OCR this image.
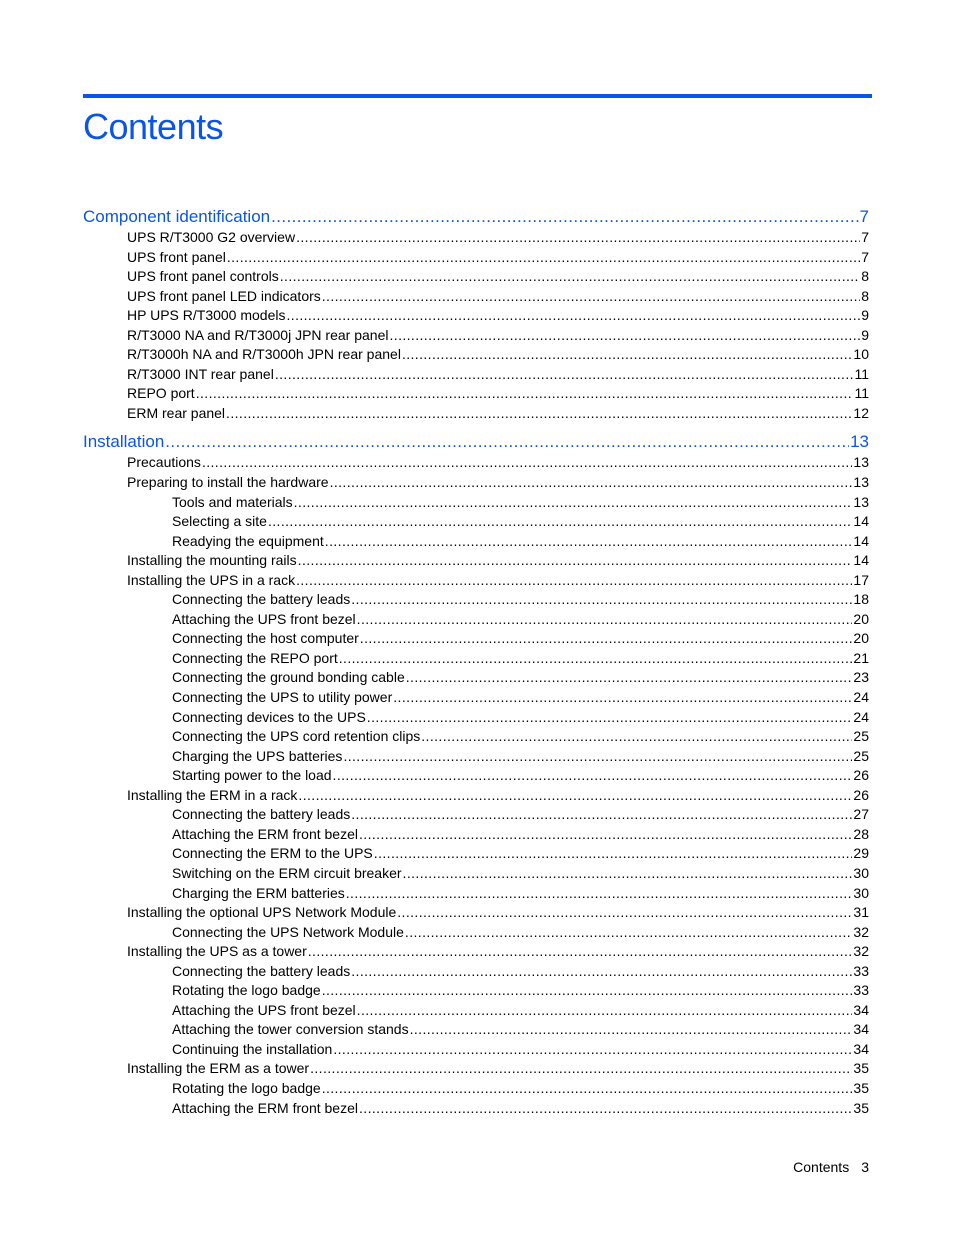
Contents
Component identification .....	7
UPS R/T3000 G2 overview .....	7
UPS front panel .....	7
UPS front panel controls .....	8
UPS front panel LED indicators .....	8
HP UPS R/T3000 models .....	9
R/T3000 NA and R/T3000j JPN rear panel .....	9
R/T3000h NA and R/T3000h JPN rear panel .....	10
R/T3000 INT rear panel .....	11
REPO port .....	11
ERM rear panel .....	12
Installation .....	13
Precautions .....	13
Preparing to install the hardware .....	13
Tools and materials .....	13
Selecting a site .....	14
Readying the equipment .....	14
Installing the mounting rails .....	14
Installing the UPS in a rack .....	17
Connecting the battery leads .....	18
Attaching the UPS front bezel .....	20
Connecting the host computer .....	20
Connecting the REPO port .....	21
Connecting the ground bonding cable .....	23
Connecting the UPS to utility power .....	24
Connecting devices to the UPS .....	24
Connecting the UPS cord retention clips .....	25
Charging the UPS batteries .....	25
Starting power to the load .....	26
Installing the ERM in a rack .....	26
Connecting the battery leads .....	27
Attaching the ERM front bezel .....	28
Connecting the ERM to the UPS .....	29
Switching on the ERM circuit breaker .....	30
Charging the ERM batteries .....	30
Installing the optional UPS Network Module .....	31
Connecting the UPS Network Module .....	32
Installing the UPS as a tower .....	32
Connecting the battery leads .....	33
Rotating the logo badge .....	33
Attaching the UPS front bezel .....	34
Attaching the tower conversion stands .....	34
Continuing the installation .....	34
Installing the ERM as a tower .....	35
Rotating the logo badge .....	35
Attaching the ERM front bezel .....	35
Contents 3
